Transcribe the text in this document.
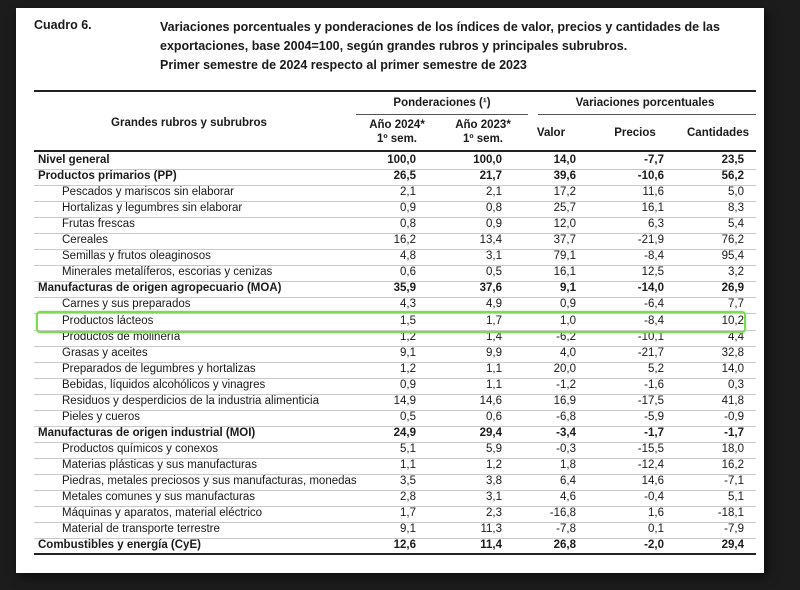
Cuadro 6.	Variaciones porcentuales y ponderaciones de los índices de valor, precios y cantidades de las
exportaciones, base 2004=100, según grandes rubros y principales subrubros.
Primer semestre de 2024 respecto al primer semestre de 2023
Grandes rubros y subrubros
Ponderaciones (¹)
Año 2024*
1º sem.
Año 2023*
1º sem.
Variaciones porcentuales
Valor	Precios	Cantidades
Nivel general	100,0	100,0	14,0	-7,7	23,5
Productos primarios (PP)	26,5	21,7	39,6	-10,6	56,2
Pescados y mariscos sin elaborar	2,1	2,1	17,2	11,6	5,0
Hortalizas y legumbres sin elaborar	0,9	0,8	25,7	16,1	8,3
Frutas frescas	0,8	0,9	12,0	6,3	5,4
Cereales	16,2	13,4	37,7	-21,9	76,2
Semillas y frutos oleaginosos	4,8	3,1	79,1	-8,4	95,4
Minerales metalíferos, escorias y cenizas	0,6	0,5	16,1	12,5	3,2
Manufacturas de origen agropecuario (MOA)	35,9	37,6	9,1	-14,0	26,9
Carnes y sus preparados	4,3	4,9	0,9	-6,4	7,7
Productos lácteos	1,5	1,7	1,0	-8,4	10,2
Productos de molinería	1,2	1,4	-6,2	-10,1	4,4
Grasas y aceites	9,1	9,9	4,0	-21,7	32,8
Preparados de legumbres y hortalizas	1,2	1,1	20,0	5,2	14,0
Bebidas, líquidos alcohólicos y vinagres	0,9	1,1	-1,2	-1,6	0,3
Residuos y desperdicios de la industria alimenticia	14,9	14,6	16,9	-17,5	41,8
Pieles y cueros	0,5	0,6	-6,8	-5,9	-0,9
Manufacturas de origen industrial (MOI)	24,9	29,4	-3,4	-1,7	-1,7
Productos químicos y conexos	5,1	5,9	-0,3	-15,5	18,0
Materias plásticas y sus manufacturas	1,1	1,2	1,8	-12,4	16,2
Piedras, metales preciosos y sus manufacturas, monedas	3,5	3,8	6,4	14,6	-7,1
Metales comunes y sus manufacturas	2,8	3,1	4,6	-0,4	5,1
Máquinas y aparatos, material eléctrico	1,7	2,3	-16,8	1,6	-18,1
Material de transporte terrestre	9,1	11,3	-7,8	0,1	-7,9
Combustibles y energía (CyE)	12,6	11,4	26,8	-2,0	29,4
